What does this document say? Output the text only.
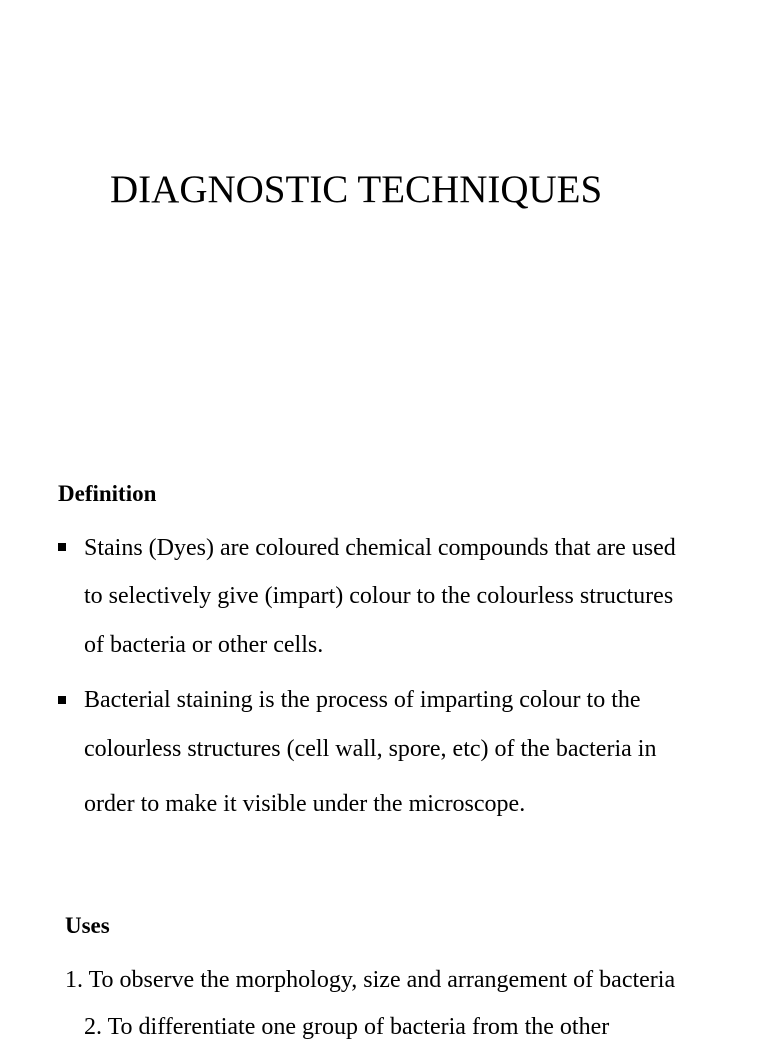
DIAGNOSTIC TECHNIQUES
Definition
Stains (Dyes) are coloured chemical compounds that are used
to selectively give (impart) colour to the colourless structures
of bacteria or other cells.
Bacterial staining is the process of imparting colour to the
colourless structures (cell wall, spore, etc) of the bacteria in
order to make it visible under the microscope.
Uses
1. To observe the morphology, size and arrangement of bacteria
2. To differentiate one group of bacteria from the other
